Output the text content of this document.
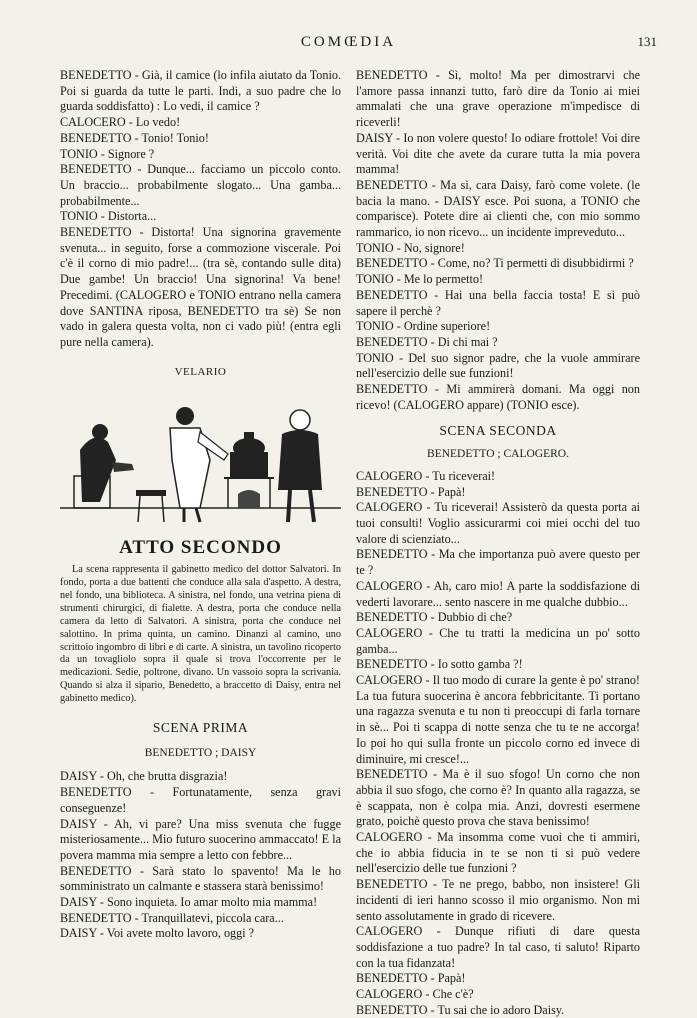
COMŒDIA	131

BENEDETTO - Già, il camice (lo infila aiutato da Tonio. Poi si guarda da tutte le parti. Indi, a suo padre che lo guarda soddisfatto) : Lo vedi, il camice ?

CALOCERO - Lo vedo!

BENEDETTO - Tonio! Tonio!

TONIO - Signore ?

BENEDETTO - Dunque... facciamo un piccolo conto. Un braccio... probabilmente slogato... Una gamba... probabilmente...

TONIO - Distorta...

BENEDETTO - Distorta! Una signorina gravemente svenuta... in seguito, forse a commozione viscerale. Poi c'è il corno di mio padre!... (tra sè, contando sulle dita) Due gambe! Un braccio! Una signorina! Va bene! Precedimi. (CALOGERO e TONIO entrano nella camera dove SANTINA riposa, BENEDETTO tra sè) Se non vado in galera questa volta, non ci vado più! (entra egli pure nella camera).

VELARIO
ATTO SECONDO

La scena rappresenta il gabinetto medico del dottor Salvatori. In fondo, porta a due battenti che conduce alla sala d'aspetto. A destra, nel fondo, una biblioteca. A sinistra, nel fondo, una vetrina piena di strumenti chirurgici, di fialette. A destra, porta che conduce nella camera da letto di Salvatori. A sinistra, porta che conduce nel salottino. In prima quinta, un camino. Dinanzi al camino, uno scrittoio ingombro di libri e di carte. A sinistra, un tavolino ricoperto da un tovagliolo sopra il quale si trova l'occorrente per le medicazioni. Sedie, poltrone, divano. Un vassoio sopra la scrivania. Quando si alza il sipario, Benedetto, a braccetto di Daisy, entra nel gabinetto medico).

SCENA PRIMA
BENEDETTO ; DAISY

DAISY - Oh, che brutta disgrazia!

BENEDETTO - Fortunatamente, senza gravi conseguenze!

DAISY - Ah, vi pare? Una miss svenuta che fugge misteriosamente... Mio futuro suocerino ammaccato! E la povera mamma mia sempre a letto con febbre...

BENEDETTO - Sarà stato lo spavento! Ma le ho somministrato un calmante e stassera starà benissimo!

DAISY - Sono inquieta. Io amar molto mia mamma!

BENEDETTO - Tranquillatevi, piccola cara...

DAISY - Voi avete molto lavoro, oggi ?

BENEDETTO - Sì, molto! Ma per dimostrarvi che l'amore passa innanzi tutto, farò dire da Tonio ai miei ammalati che una grave operazione m'impedisce di riceverli!

DAISY - Io non volere questo! Io odiare frottole! Voi dire verità. Voi dite che avete da curare tutta la mia povera mamma!

BENEDETTO - Ma sì, cara Daisy, farò come volete. (le bacia la mano. - DAISY esce. Poi suona, a TONIO che comparisce). Potete dire ai clienti che, con mio sommo rammarico, io non ricevo... un incidente impreveduto...

TONIO - No, signore!

BENEDETTO - Come, no? Ti permetti di disubbidirmi ?

TONIO - Me lo permetto!

BENEDETTO - Hai una bella faccia tosta! E si può sapere il perchè ?

TONIO - Ordine superiore!

BENEDETTO - Di chi mai ?

TONIO - Del suo signor padre, che la vuole ammirare nell'esercizio delle sue funzioni!

BENEDETTO - Mi ammirerà domani. Ma oggi non ricevo! (CALOGERO appare) (TONIO esce).

SCENA SECONDA
BENEDETTO ; CALOGERO.

CALOGERO - Tu riceverai!

BENEDETTO - Papà!

CALOGERO - Tu riceverai! Assisterò da questa porta ai tuoi consulti! Voglio assicurarmi coi miei occhi del tuo valore di scienziato...

BENEDETTO - Ma che importanza può avere questo per te ?

CALOGERO - Ah, caro mio! A parte la soddisfazione di vederti lavorare... sento nascere in me qualche dubbio...

BENEDETTO - Dubbio di che?

CALOGERO - Che tu tratti la medicina un po' sotto gamba...

BENEDETTO - Io sotto gamba ?!

CALOGERO - Il tuo modo di curare la gente è po' strano! La tua futura suocerina è ancora febbricitante. Ti portano una ragazza svenuta e tu non ti preoccupi di farla tornare in sè... Poi ti scappa di notte senza che tu te ne accorga! Io poi ho qui sulla fronte un piccolo corno ed invece di diminuire, mi cresce!...

BENEDETTO - Ma è il suo sfogo! Un corno che non abbia il suo sfogo, che corno è? In quanto alla ragazza, se è scappata, non è colpa mia. Anzi, dovresti esermene grato, poichè questo prova che stava benissimo!

CALOGERO - Ma insomma come vuoi che ti ammiri, che io abbia fiducia in te se non ti si può vedere nell'esercizio delle tue funzioni ?

BENEDETTO - Te ne prego, babbo, non insistere! Gli incidenti di ieri hanno scosso il mio organismo. Non mi sento assolutamente in grado di ricevere.

CALOGERO - Dunque rifiuti di dare questa soddisfazione a tuo padre? In tal caso, ti saluto! Riparto con la tua fidanzata!

BENEDETTO - Papà!

CALOGERO - Che c'è?

BENEDETTO - Tu sai che io adoro Daisy.
